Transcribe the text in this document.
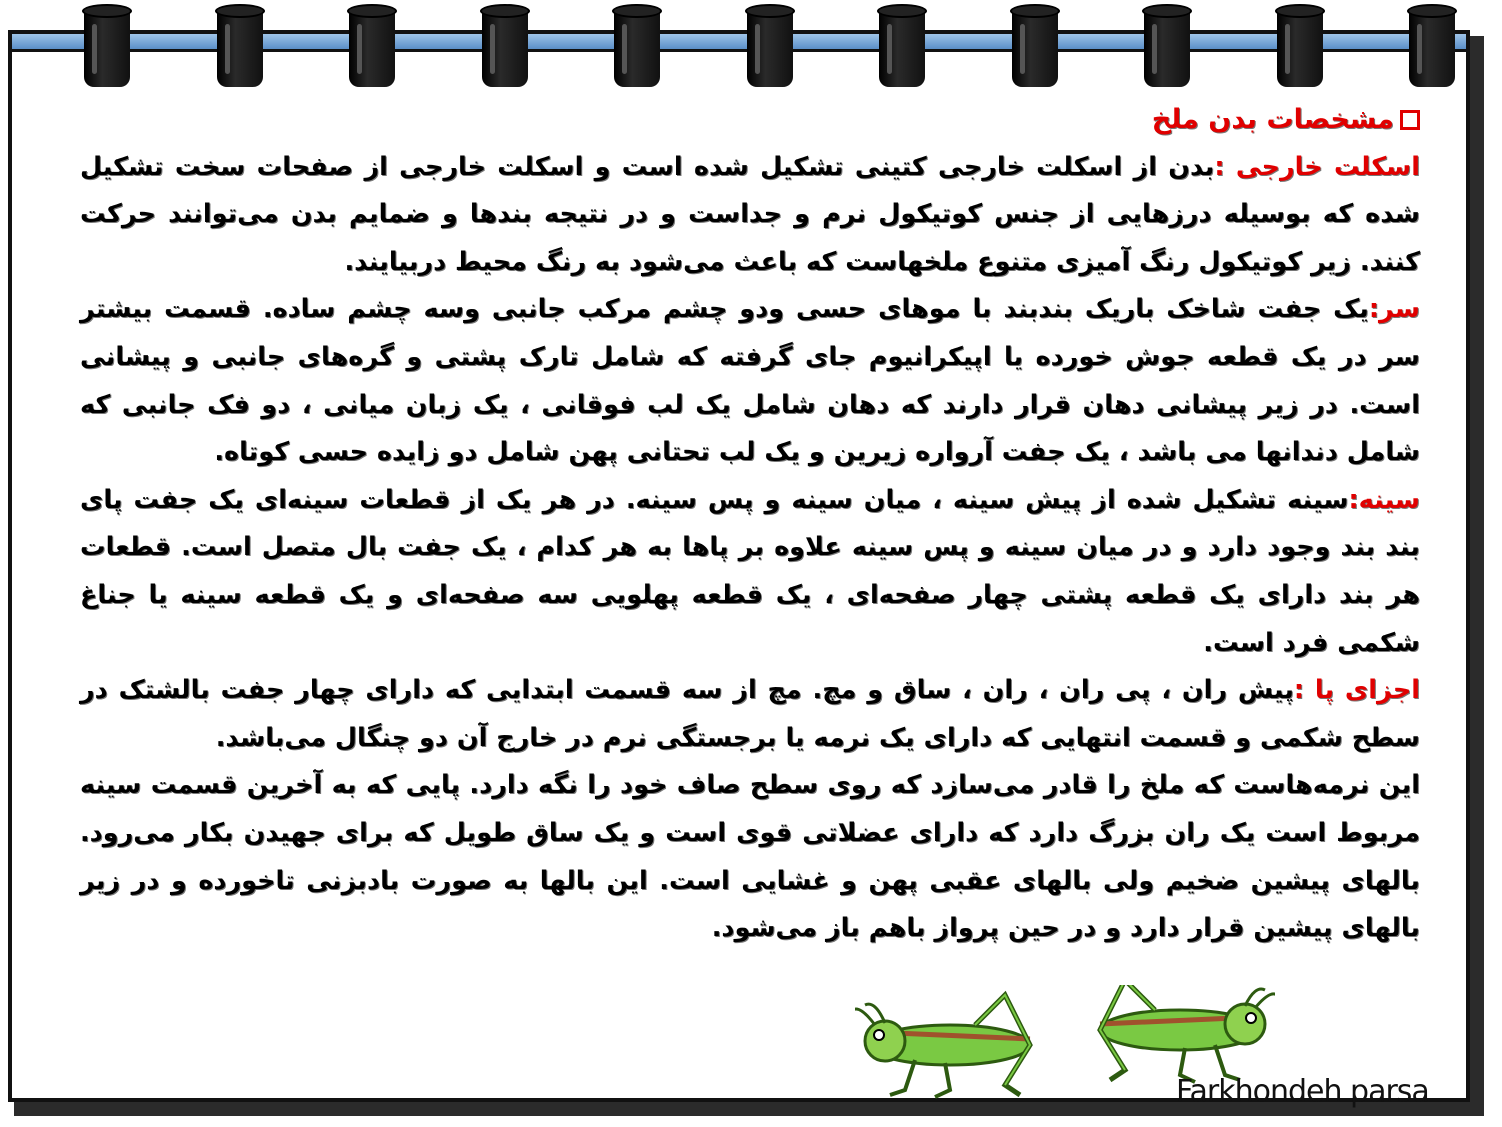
مشخصات بدن ملخ

اسکلت خارجی :بدن از اسکلت خارجی کتینی تشکیل شده است و اسکلت خارجی از صفحات سخت تشکیل شده که بوسیله درزهایی از جنس کوتیکول نرم و جداست و در نتیجه بندها و ضمایم بدن می‌توانند حرکت کنند. زیر کوتیکول رنگ آمیزی متنوع ملخهاست که باعث می‌شود به رنگ محیط دربیایند.

سر:یک جفت شاخک باریک بندبند با موهای حسی ودو چشم مرکب جانبی وسه چشم ساده. قسمت بیشتر سر در یک قطعه جوش خورده یا اپیکرانیوم جای گرفته که شامل تارک پشتی و گره‌های جانبی و پیشانی است. در زیر پیشانی دهان قرار دارند که دهان شامل یک لب فوقانی ، یک زبان میانی ، دو فک جانبی که شامل دندانها می باشد ، یک جفت آرواره زیرین و یک لب تحتانی پهن شامل دو زایده حسی کوتاه.

سینه:سینه تشکیل شده از پیش سینه ، میان سینه و پس سینه. در هر یک از قطعات سینه‌ای یک جفت پای بند بند وجود دارد و در میان سینه و پس سینه علاوه بر پاها به هر کدام ، یک جفت بال متصل است. قطعات هر بند دارای یک قطعه پشتی چهار صفحه‌ای ، یک قطعه پهلویی سه صفحه‌ای و یک قطعه سینه یا جناغ شکمی فرد است.

اجزای پا :پیش ران ، پی ران ، ران ، ساق و مچ. مچ از سه قسمت ابتدایی که دارای چهار جفت بالشتک در سطح شکمی و قسمت انتهایی که دارای یک نرمه یا برجستگی نرم در خارج آن دو چنگال می‌باشد.

این نرمه‌هاست که ملخ را قادر می‌سازد که روی سطح صاف خود را نگه دارد. پایی که به آخرین قسمت سینه مربوط است یک ران بزرگ دارد که دارای عضلاتی قوی است و یک ساق طویل که برای جهیدن بکار می‌رود. بالهای پیشین ضخیم ولی بالهای عقبی پهن و غشایی است. این بالها به صورت بادبزنی تاخورده و در زیر بالهای پیشین قرار دارد و در حین پرواز باهم باز می‌شود.

Farkhondeh parsa
